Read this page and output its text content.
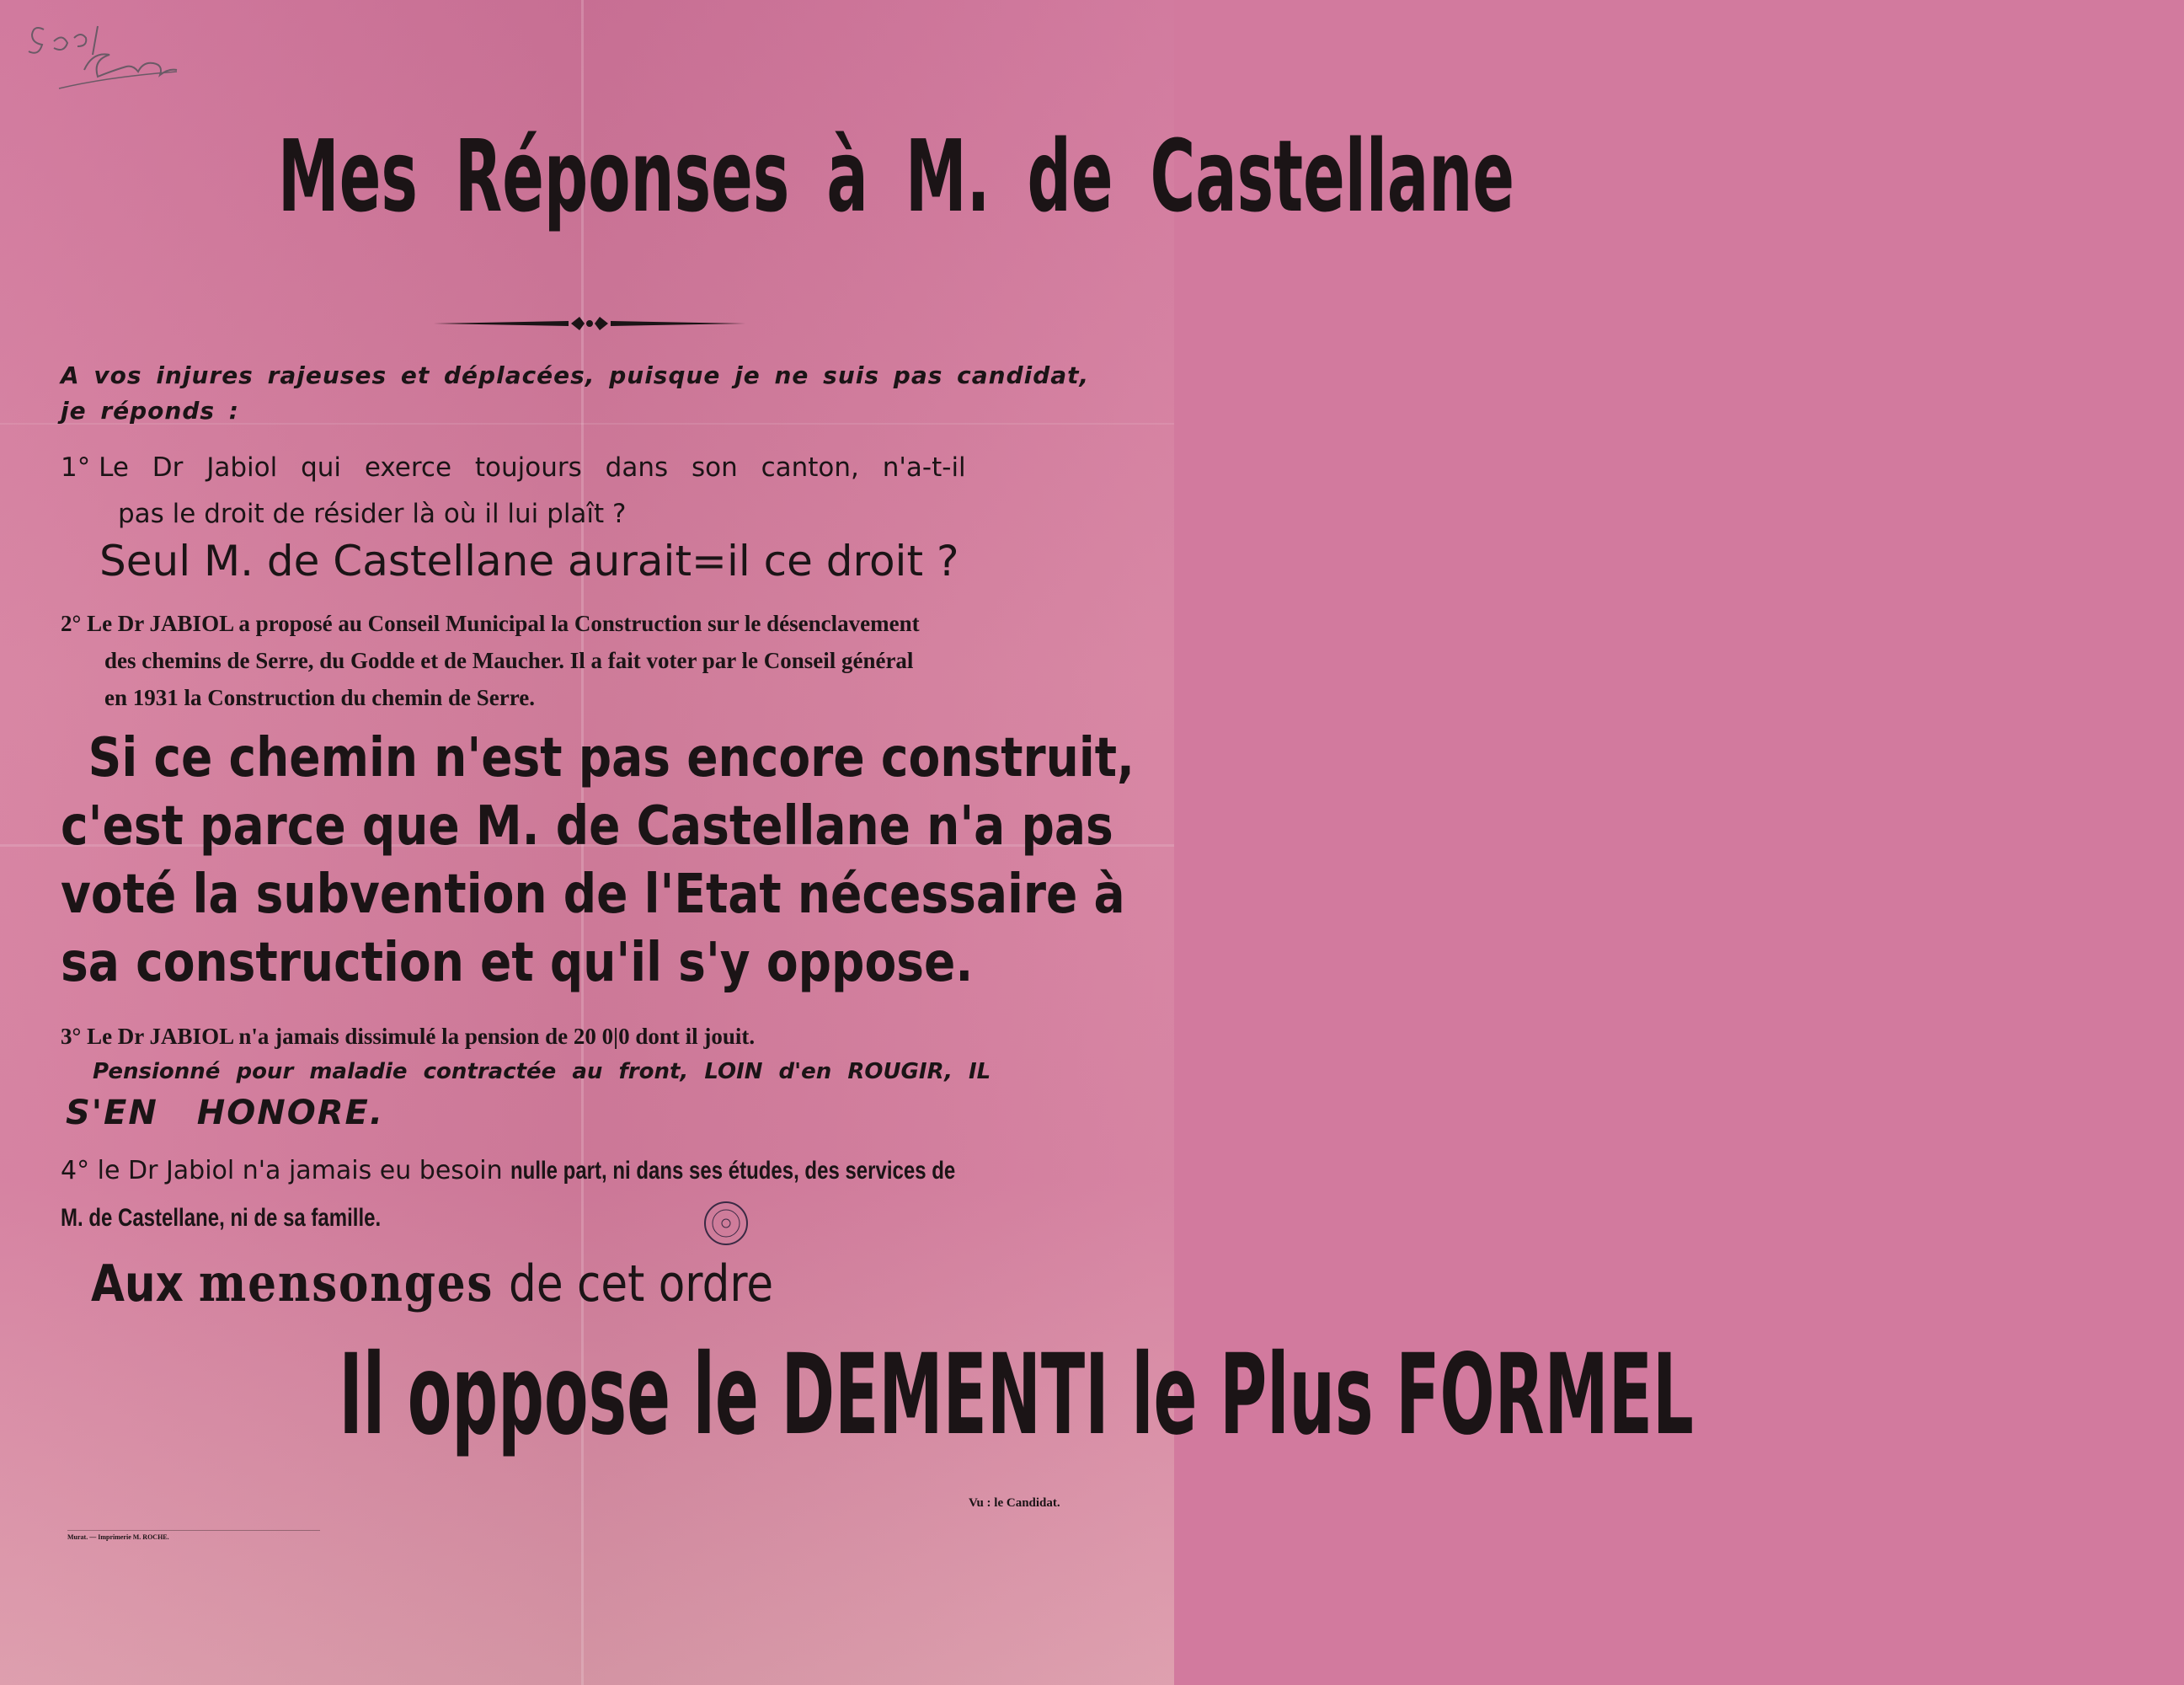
Mes Réponses à M. de Castellane
A vos injures rajeuses et déplacées, puisque je ne suis pas candidat, je réponds :
1° Le Dr Jabiol qui exerce toujours dans son canton, n'a-t-il
pas le droit de résider là où il lui plaît ?
Seul M. de Castellane aurait=il ce droit ?
2° Le Dr JABIOL a proposé au Conseil Municipal la Construction sur le désenclavement
des chemins de Serre, du Godde et de Maucher. Il a fait voter par le Conseil général
en 1931 la Construction du chemin de Serre.
Si ce chemin n'est pas encore construit,
c'est parce que M. de Castellane n'a pas
voté la subvention de l'Etat nécessaire à
sa construction et qu'il s'y oppose.
3° Le Dr JABIOL n'a jamais dissimulé la pension de 20 0|0 dont il jouit.
Pensionné pour maladie contractée au front, LOIN d'en ROUGIR, IL
S'EN HONORE.
4° le Dr Jabiol n'a jamais eu besoin nulle part, ni dans ses études, des services de
M. de Castellane, ni de sa famille.
Aux mensonges de cet ordre
Il oppose le DEMENTI le Plus FORMEL
Vu : le Candidat.
Murat. — Imprimerie M. ROCHE.
